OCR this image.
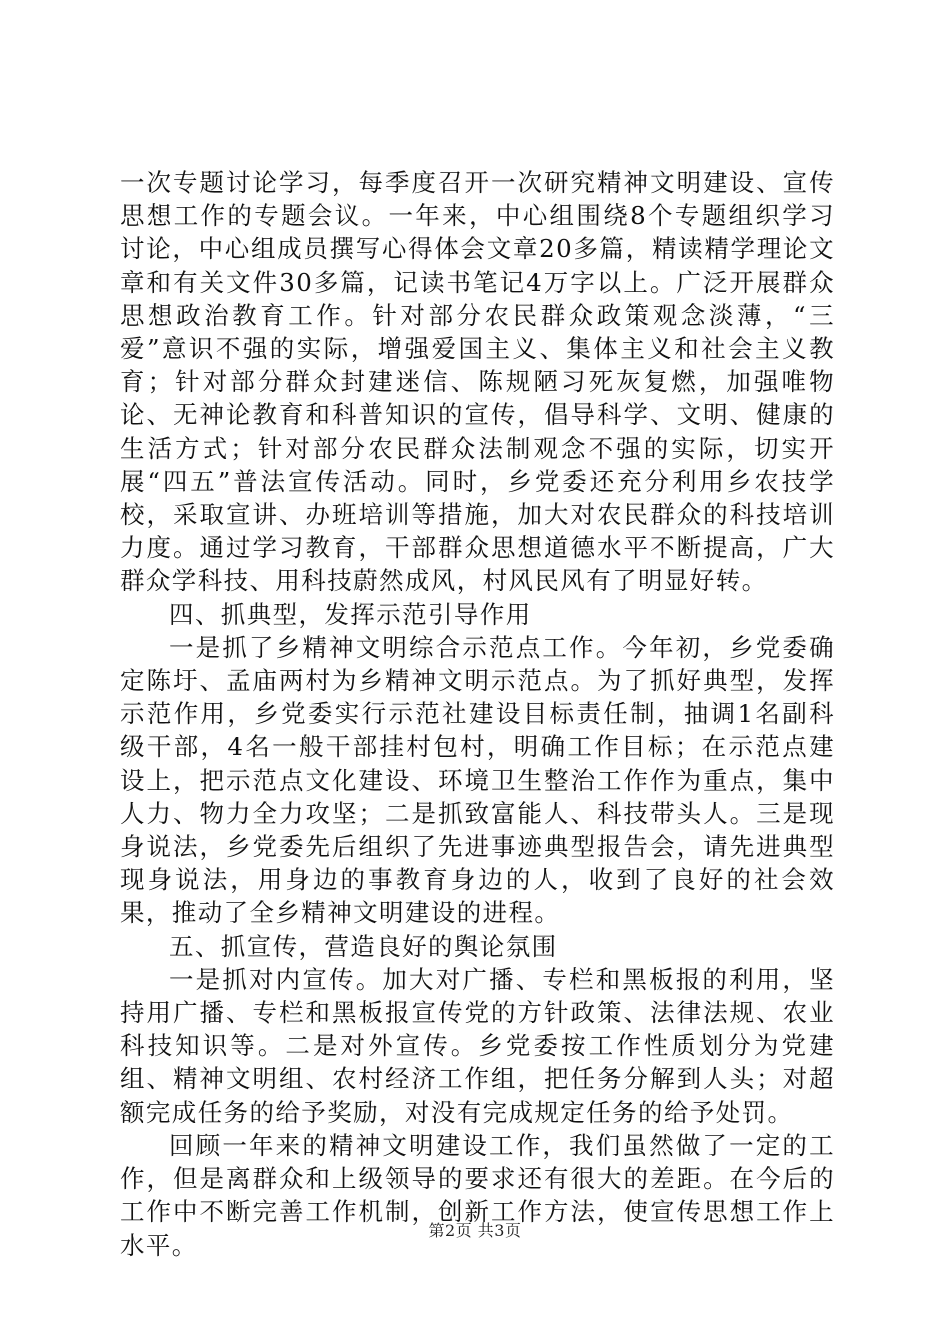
一次专题讨论学习，每季度召开一次研究精神文明建设、宣传思想工作的专题会议。一年来，中心组围绕8个专题组织学习讨论，中心组成员撰写心得体会文章20多篇，精读精学理论文章和有关文件30多篇，记读书笔记4万字以上。广泛开展群众思想政治教育工作。针对部分农民群众政策观念淡薄，“三爱”意识不强的实际，增强爱国主义、集体主义和社会主义教育；针对部分群众封建迷信、陈规陋习死灰复燃，加强唯物论、无神论教育和科普知识的宣传，倡导科学、文明、健康的生活方式；针对部分农民群众法制观念不强的实际，切实开展“四五”普法宣传活动。同时，乡党委还充分利用乡农技学校，采取宣讲、办班培训等措施，加大对农民群众的科技培训力度。通过学习教育，干部群众思想道德水平不断提高，广大群众学科技、用科技蔚然成风，村风民风有了明显好转。

四、抓典型，发挥示范引导作用

一是抓了乡精神文明综合示范点工作。今年初，乡党委确定陈圩、孟庙两村为乡精神文明示范点。为了抓好典型，发挥示范作用，乡党委实行示范社建设目标责任制，抽调1名副科级干部，4名一般干部挂村包村，明确工作目标；在示范点建设上，把示范点文化建设、环境卫生整治工作作为重点，集中人力、物力全力攻坚；二是抓致富能人、科技带头人。三是现身说法，乡党委先后组织了先进事迹典型报告会，请先进典型现身说法，用身边的事教育身边的人，收到了良好的社会效果，推动了全乡精神文明建设的进程。

五、抓宣传，营造良好的舆论氛围

一是抓对内宣传。加大对广播、专栏和黑板报的利用，坚持用广播、专栏和黑板报宣传党的方针政策、法律法规、农业科技知识等。二是对外宣传。乡党委按工作性质划分为党建组、精神文明组、农村经济工作组，把任务分解到人头；对超额完成任务的给予奖励，对没有完成规定任务的给予处罚。

回顾一年来的精神文明建设工作，我们虽然做了一定的工作，但是离群众和上级领导的要求还有很大的差距。在今后的工作中不断完善工作机制，创新工作方法，使宣传思想工作上水平。	第2页 共3页
